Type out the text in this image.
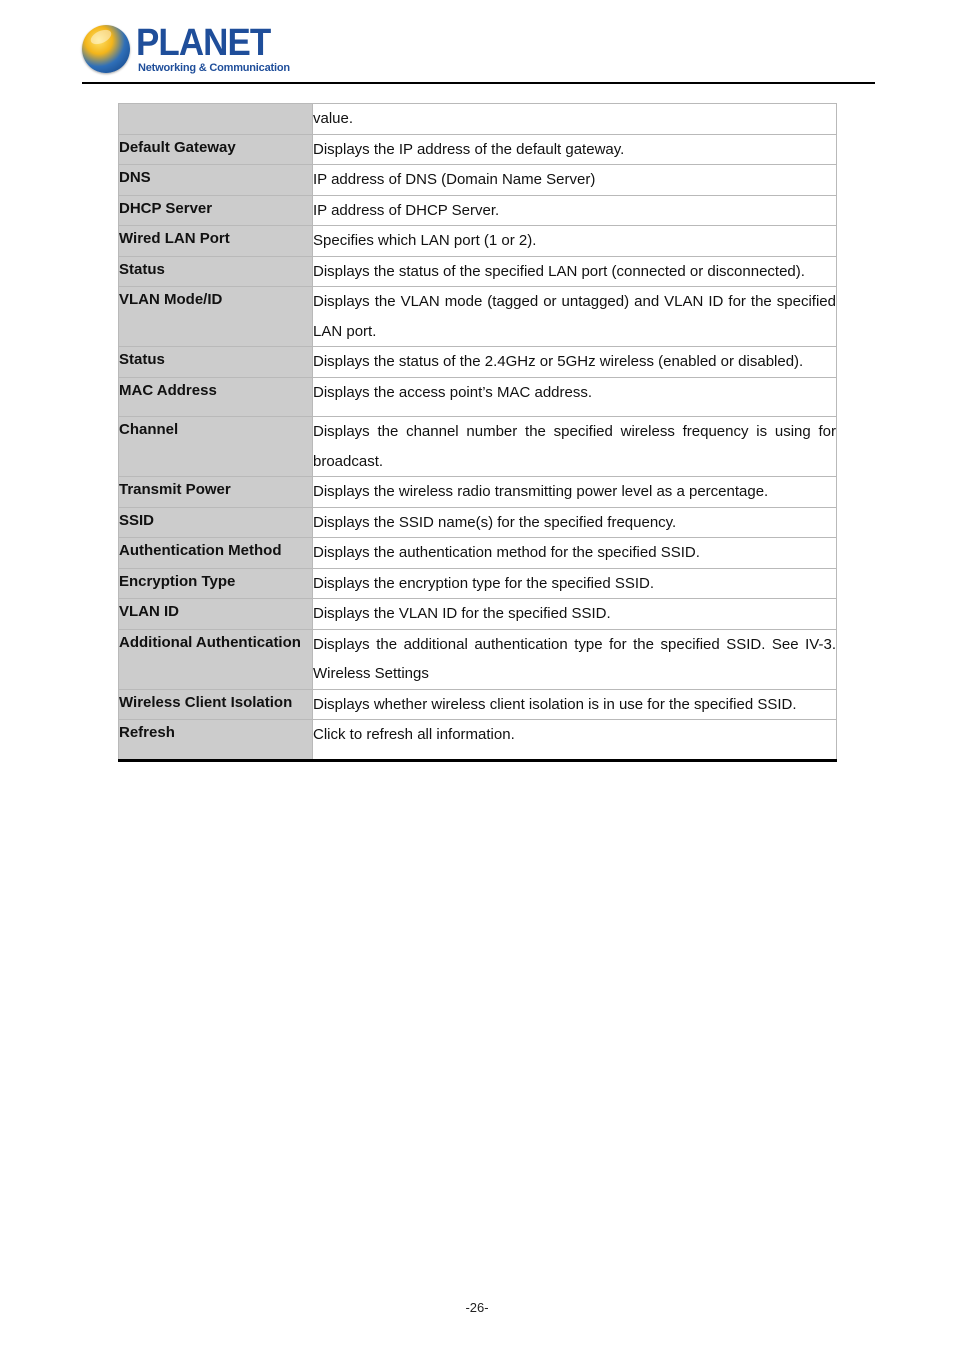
PLANET
Networking & Communication
	value.

Default Gateway	Displays the IP address of the default gateway.

DNS	IP address of DNS (Domain Name Server)

DHCP Server	IP address of DHCP Server.

Wired LAN Port	Specifies which LAN port (1 or 2).

Status	Displays the status of the specified LAN port (connected or disconnected).

VLAN Mode/ID	Displays the VLAN mode (tagged or untagged) and VLAN ID for the specified LAN port.

Status	Displays the status of the 2.4GHz or 5GHz wireless (enabled or disabled).

MAC Address	Displays the access point’s MAC address.

Channel	Displays the channel number the specified wireless frequency is using for broadcast.

Transmit Power	Displays the wireless radio transmitting power level as a percentage.

SSID	Displays the SSID name(s) for the specified frequency.

Authentication Method	Displays the authentication method for the specified SSID.

Encryption Type	Displays the encryption type for the specified SSID.

VLAN ID	Displays the VLAN ID for the specified SSID.

Additional Authentication	Displays the additional authentication type for the specified SSID. See IV-3. Wireless Settings

Wireless Client Isolation	Displays whether wireless client isolation is in use for the specified SSID.

Refresh	Click to refresh all information.
-26-
